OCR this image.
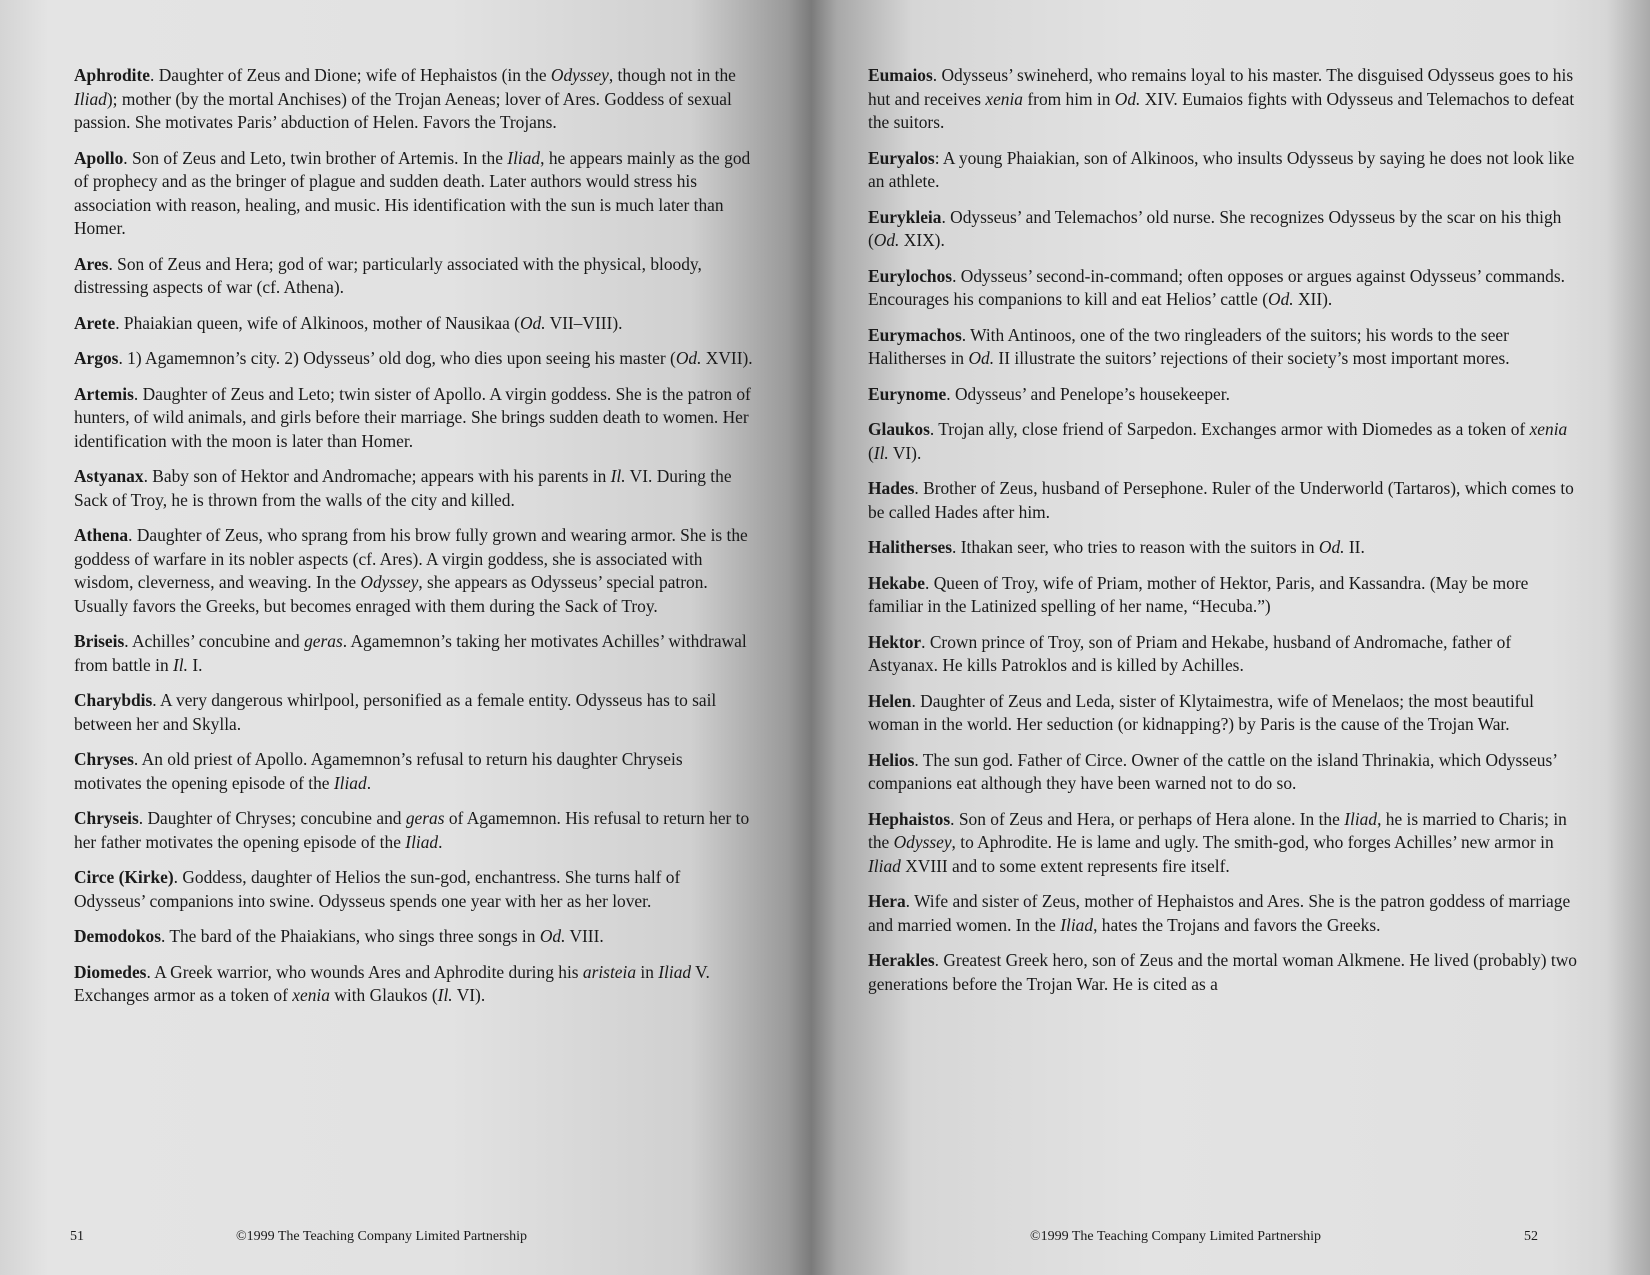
Aphrodite. Daughter of Zeus and Dione; wife of Hephaistos (in the Odyssey, though not in the Iliad); mother (by the mortal Anchises) of the Trojan Aeneas; lover of Ares. Goddess of sexual passion. She motivates Paris’ abduction of Helen. Favors the Trojans.

Apollo. Son of Zeus and Leto, twin brother of Artemis. In the Iliad, he appears mainly as the god of prophecy and as the bringer of plague and sudden death. Later authors would stress his association with reason, healing, and music. His identification with the sun is much later than Homer.

Ares. Son of Zeus and Hera; god of war; particularly associated with the physical, bloody, distressing aspects of war (cf. Athena).

Arete. Phaiakian queen, wife of Alkinoos, mother of Nausikaa (Od. VII–VIII).

Argos. 1) Agamemnon’s city. 2) Odysseus’ old dog, who dies upon seeing his master (Od. XVII).

Artemis. Daughter of Zeus and Leto; twin sister of Apollo. A virgin goddess. She is the patron of hunters, of wild animals, and girls before their marriage. She brings sudden death to women. Her identification with the moon is later than Homer.

Astyanax. Baby son of Hektor and Andromache; appears with his parents in Il. VI. During the Sack of Troy, he is thrown from the walls of the city and killed.

Athena. Daughter of Zeus, who sprang from his brow fully grown and wearing armor. She is the goddess of warfare in its nobler aspects (cf. Ares). A virgin goddess, she is associated with wisdom, cleverness, and weaving. In the Odyssey, she appears as Odysseus’ special patron. Usually favors the Greeks, but becomes enraged with them during the Sack of Troy.

Briseis. Achilles’ concubine and geras. Agamemnon’s taking her motivates Achilles’ withdrawal from battle in Il. I.

Charybdis. A very dangerous whirlpool, personified as a female entity. Odysseus has to sail between her and Skylla.

Chryses. An old priest of Apollo. Agamemnon’s refusal to return his daughter Chryseis motivates the opening episode of the Iliad.

Chryseis. Daughter of Chryses; concubine and geras of Agamemnon. His refusal to return her to her father motivates the opening episode of the Iliad.

Circe (Kirke). Goddess, daughter of Helios the sun-god, enchantress. She turns half of Odysseus’ companions into swine. Odysseus spends one year with her as her lover.

Demodokos. The bard of the Phaiakians, who sings three songs in Od. VIII.

Diomedes. A Greek warrior, who wounds Ares and Aphrodite during his aristeia in Iliad V. Exchanges armor as a token of xenia with Glaukos (Il. VI).

51	©1999 The Teaching Company Limited Partnership

Eumaios. Odysseus’ swineherd, who remains loyal to his master. The disguised Odysseus goes to his hut and receives xenia from him in Od. XIV. Eumaios fights with Odysseus and Telemachos to defeat the suitors.

Euryalos: A young Phaiakian, son of Alkinoos, who insults Odysseus by saying he does not look like an athlete.

Eurykleia. Odysseus’ and Telemachos’ old nurse. She recognizes Odysseus by the scar on his thigh (Od. XIX).

Eurylochos. Odysseus’ second-in-command; often opposes or argues against Odysseus’ commands. Encourages his companions to kill and eat Helios’ cattle (Od. XII).

Eurymachos. With Antinoos, one of the two ringleaders of the suitors; his words to the seer Halitherses in Od. II illustrate the suitors’ rejections of their society’s most important mores.

Eurynome. Odysseus’ and Penelope’s housekeeper.

Glaukos. Trojan ally, close friend of Sarpedon. Exchanges armor with Diomedes as a token of xenia (Il. VI).

Hades. Brother of Zeus, husband of Persephone. Ruler of the Underworld (Tartaros), which comes to be called Hades after him.

Halitherses. Ithakan seer, who tries to reason with the suitors in Od. II.

Hekabe. Queen of Troy, wife of Priam, mother of Hektor, Paris, and Kassandra. (May be more familiar in the Latinized spelling of her name, “Hecuba.”)

Hektor. Crown prince of Troy, son of Priam and Hekabe, husband of Andromache, father of Astyanax. He kills Patroklos and is killed by Achilles.

Helen. Daughter of Zeus and Leda, sister of Klytaimestra, wife of Menelaos; the most beautiful woman in the world. Her seduction (or kidnapping?) by Paris is the cause of the Trojan War.

Helios. The sun god. Father of Circe. Owner of the cattle on the island Thrinakia, which Odysseus’ companions eat although they have been warned not to do so.

Hephaistos. Son of Zeus and Hera, or perhaps of Hera alone. In the Iliad, he is married to Charis; in the Odyssey, to Aphrodite. He is lame and ugly. The smith-god, who forges Achilles’ new armor in Iliad XVIII and to some extent represents fire itself.

Hera. Wife and sister of Zeus, mother of Hephaistos and Ares. She is the patron goddess of marriage and married women. In the Iliad, hates the Trojans and favors the Greeks.

Herakles. Greatest Greek hero, son of Zeus and the mortal woman Alkmene. He lived (probably) two generations before the Trojan War. He is cited as a

©1999 The Teaching Company Limited Partnership	52
